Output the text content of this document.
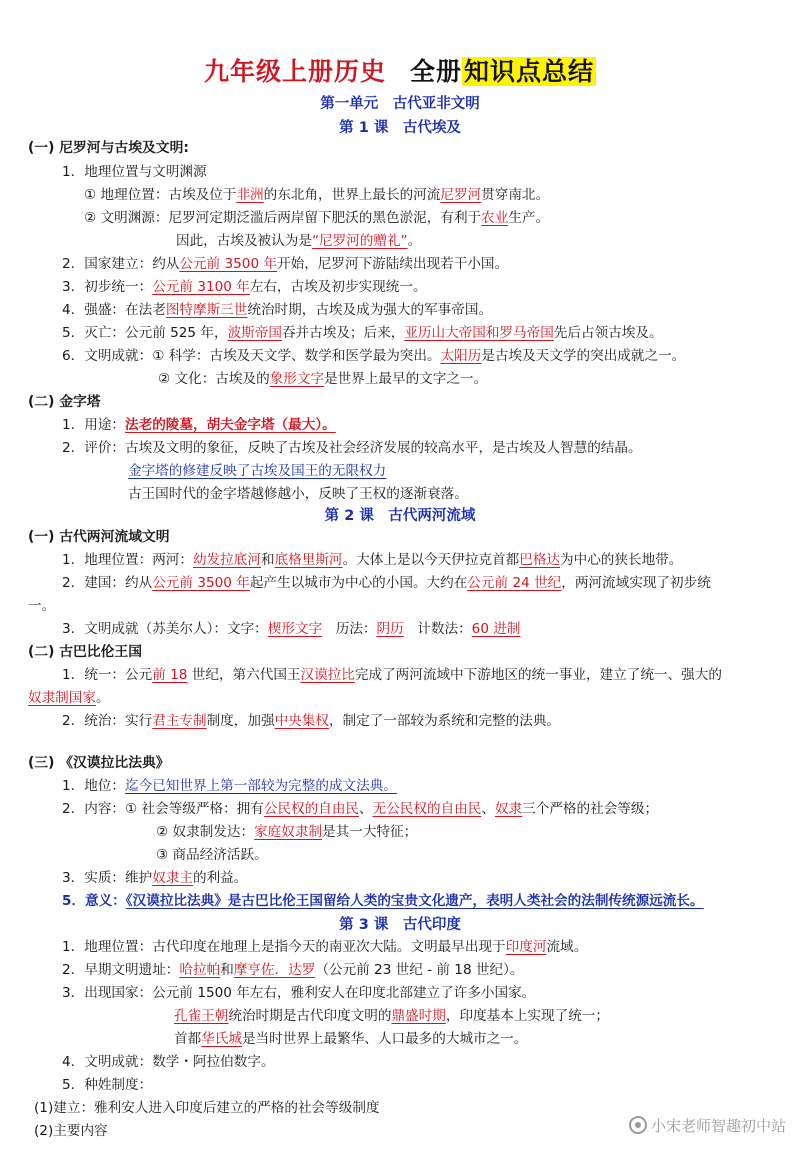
九年级上册历史 全册知识点总结
第一单元　古代亚非文明
第 1 课　古代埃及
(一) 尼罗河与古埃及文明:
1．地理位置与文明渊源
① 地理位置：古埃及位于非洲的东北角，世界上最长的河流尼罗河贯穿南北。
② 文明渊源：尼罗河定期泛滥后两岸留下肥沃的黑色淤泥，有利于农业生产。
因此，古埃及被认为是“尼罗河的赠礼”。
2．国家建立：约从公元前 3500 年开始，尼罗河下游陆续出现若干小国。
3．初步统一：公元前 3100 年左右，古埃及初步实现统一。
4．强盛：在法老图特摩斯三世统治时期，古埃及成为强大的军事帝国。
5．灭亡：公元前 525 年，波斯帝国吞并古埃及；后来，亚历山大帝国和罗马帝国先后占领古埃及。
6．文明成就：① 科学：古埃及天文学、数学和医学最为突出。太阳历是古埃及天文学的突出成就之一。
② 文化：古埃及的象形文字是世界上最早的文字之一。
(二) 金字塔
1．用途：法老的陵墓，胡夫金字塔（最大）。
2．评价：古埃及文明的象征，反映了古埃及社会经济发展的较高水平，是古埃及人智慧的结晶。
金字塔的修建反映了古埃及国王的无限权力
古王国时代的金字塔越修越小，反映了王权的逐渐衰落。
第 2 课　古代两河流域
(一) 古代两河流域文明
1．地理位置：两河：幼发拉底河和底格里斯河。大体上是以今天伊拉克首都巴格达为中心的狭长地带。
2．建国：约从公元前 3500 年起产生以城市为中心的小国。大约在公元前 24 世纪，两河流域实现了初步统
一。
3．文明成就（苏美尔人）：文字：楔形文字　历法：阴历　计数法：60 进制
(二) 古巴比伦王国
1．统一：公元前 18 世纪，第六代国王汉谟拉比完成了两河流域中下游地区的统一事业，建立了统一、强大的
奴隶制国家。
2．统治：实行君主专制制度，加强中央集权，制定了一部较为系统和完整的法典。
(三) 《汉谟拉比法典》
1．地位：迄今已知世界上第一部较为完整的成文法典。
2．内容：① 社会等级严格：拥有公民权的自由民、无公民权的自由民、奴隶三个严格的社会等级；
② 奴隶制发达：家庭奴隶制是其一大特征；
③ 商品经济活跃。
3．实质：维护奴隶主的利益。
5．意义：《汉谟拉比法典》是古巴比伦王国留给人类的宝贵文化遗产，表明人类社会的法制传统源远流长。
第 3 课　古代印度
1．地理位置：古代印度在地理上是指今天的南亚次大陆。文明最早出现于印度河流域。
2．早期文明遗址：哈拉帕和摩亨佐．达罗（公元前 23 世纪 - 前 18 世纪）。
3．出现国家：公元前 1500 年左右，雅利安人在印度北部建立了许多小国家。
孔雀王朝统治时期是古代印度文明的鼎盛时期，印度基本上实现了统一；
首都华氏城是当时世界上最繁华、人口最多的大城市之一。
4．文明成就：数学・阿拉伯数字。
5．种姓制度：
(1)建立：雅利安人进入印度后建立的严格的社会等级制度
(2)主要内容	小宋老师智趣初中站
